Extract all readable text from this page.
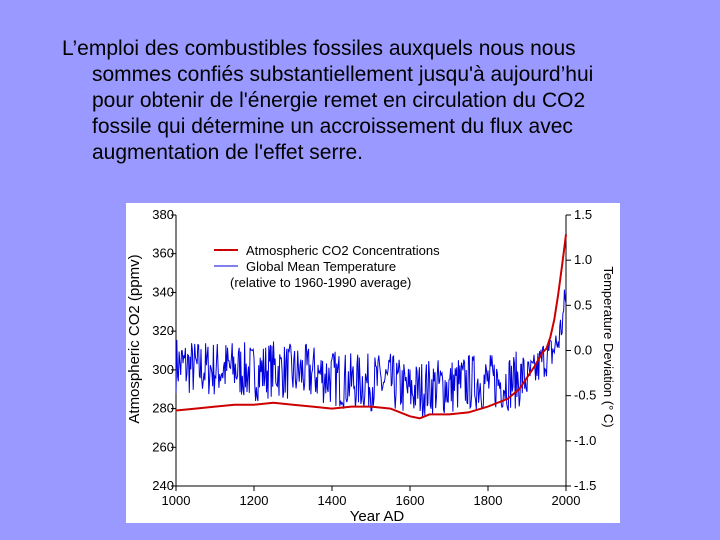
L’emploi des combustibles fossiles auxquels nous nous
sommes confiés substantiellement jusqu'à aujourd’hui
pour obtenir de l'énergie remet en circulation du CO2
fossile qui détermine un accroissement du flux avec
augmentation de l'effet serre.
1000	1200	1400	1600	1800	2000
380
360
340
320
300
280
260
240
1.5
1.0
0.5
0.0
-0.5
-1.0
-1.5
Atmospheric CO2 Concentrations
Global Mean Temperature
(relative to 1960-1990 average)
Year AD
Atmospheric CO2 (ppmv)	Temperature Deviation (° C)
